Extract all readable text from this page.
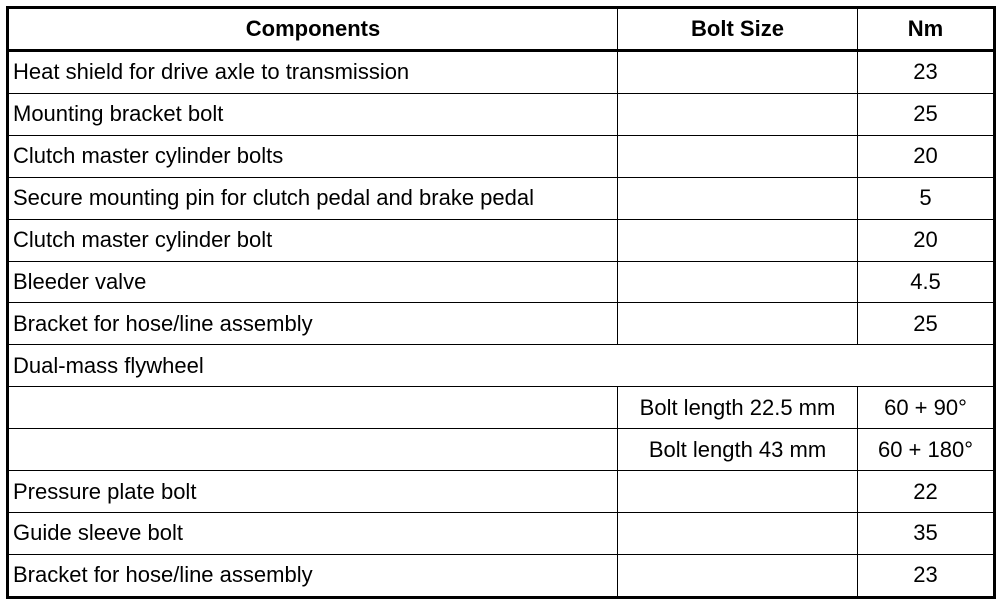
Components	Bolt Size	Nm
Heat shield for drive axle to transmission		23
Mounting bracket bolt		25
Clutch master cylinder bolts		20
Secure mounting pin for clutch pedal and brake pedal		5
Clutch master cylinder bolt		20
Bleeder valve		4.5
Bracket for hose/line assembly		25
Dual-mass flywheel		
	Bolt length 22.5 mm	60 + 90°
	Bolt length 43 mm	60 + 180°
Pressure plate bolt		22
Guide sleeve bolt		35
Bracket for hose/line assembly		23
